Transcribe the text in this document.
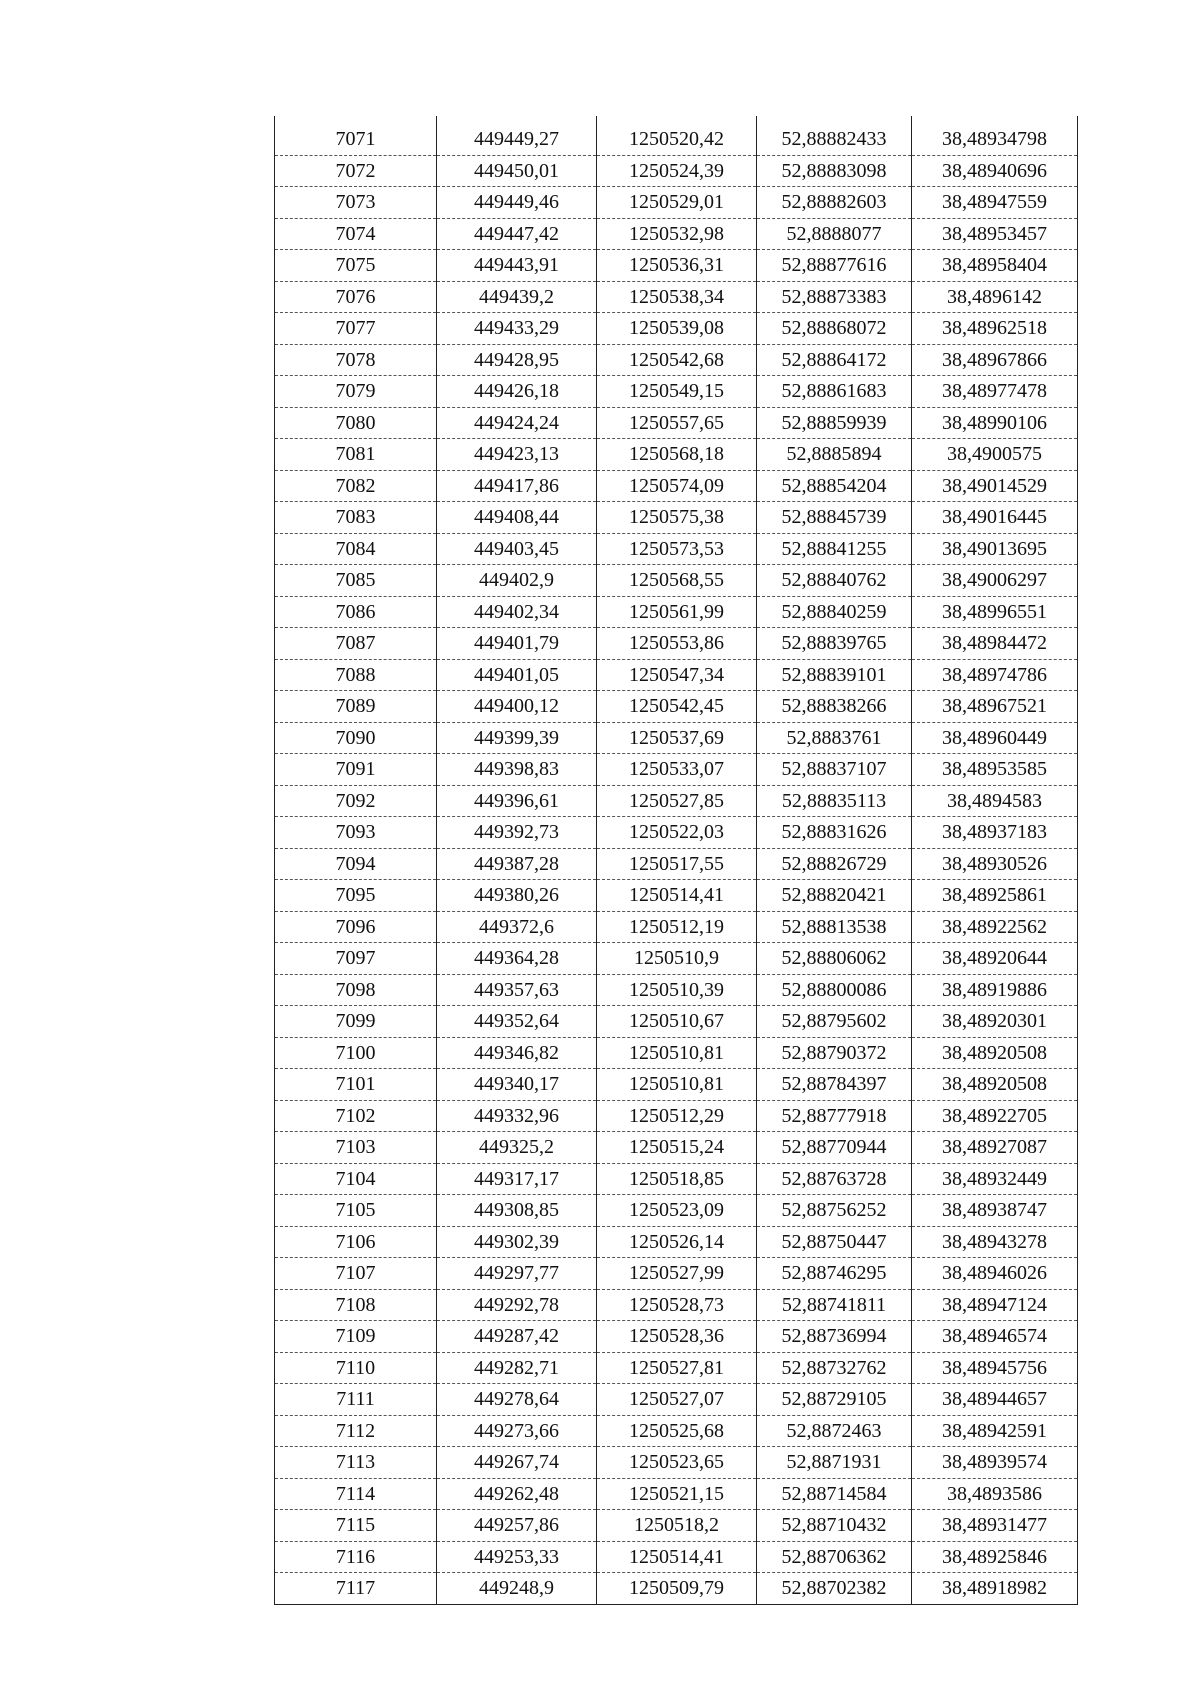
7071	449449,27	1250520,42	52,88882433	38,48934798
7072	449450,01	1250524,39	52,88883098	38,48940696
7073	449449,46	1250529,01	52,88882603	38,48947559
7074	449447,42	1250532,98	52,8888077	38,48953457
7075	449443,91	1250536,31	52,88877616	38,48958404
7076	449439,2	1250538,34	52,88873383	38,4896142
7077	449433,29	1250539,08	52,88868072	38,48962518
7078	449428,95	1250542,68	52,88864172	38,48967866
7079	449426,18	1250549,15	52,88861683	38,48977478
7080	449424,24	1250557,65	52,88859939	38,48990106
7081	449423,13	1250568,18	52,8885894	38,4900575
7082	449417,86	1250574,09	52,88854204	38,49014529
7083	449408,44	1250575,38	52,88845739	38,49016445
7084	449403,45	1250573,53	52,88841255	38,49013695
7085	449402,9	1250568,55	52,88840762	38,49006297
7086	449402,34	1250561,99	52,88840259	38,48996551
7087	449401,79	1250553,86	52,88839765	38,48984472
7088	449401,05	1250547,34	52,88839101	38,48974786
7089	449400,12	1250542,45	52,88838266	38,48967521
7090	449399,39	1250537,69	52,8883761	38,48960449
7091	449398,83	1250533,07	52,88837107	38,48953585
7092	449396,61	1250527,85	52,88835113	38,4894583
7093	449392,73	1250522,03	52,88831626	38,48937183
7094	449387,28	1250517,55	52,88826729	38,48930526
7095	449380,26	1250514,41	52,88820421	38,48925861
7096	449372,6	1250512,19	52,88813538	38,48922562
7097	449364,28	1250510,9	52,88806062	38,48920644
7098	449357,63	1250510,39	52,88800086	38,48919886
7099	449352,64	1250510,67	52,88795602	38,48920301
7100	449346,82	1250510,81	52,88790372	38,48920508
7101	449340,17	1250510,81	52,88784397	38,48920508
7102	449332,96	1250512,29	52,88777918	38,48922705
7103	449325,2	1250515,24	52,88770944	38,48927087
7104	449317,17	1250518,85	52,88763728	38,48932449
7105	449308,85	1250523,09	52,88756252	38,48938747
7106	449302,39	1250526,14	52,88750447	38,48943278
7107	449297,77	1250527,99	52,88746295	38,48946026
7108	449292,78	1250528,73	52,88741811	38,48947124
7109	449287,42	1250528,36	52,88736994	38,48946574
7110	449282,71	1250527,81	52,88732762	38,48945756
7111	449278,64	1250527,07	52,88729105	38,48944657
7112	449273,66	1250525,68	52,8872463	38,48942591
7113	449267,74	1250523,65	52,8871931	38,48939574
7114	449262,48	1250521,15	52,88714584	38,4893586
7115	449257,86	1250518,2	52,88710432	38,48931477
7116	449253,33	1250514,41	52,88706362	38,48925846
7117	449248,9	1250509,79	52,88702382	38,48918982
